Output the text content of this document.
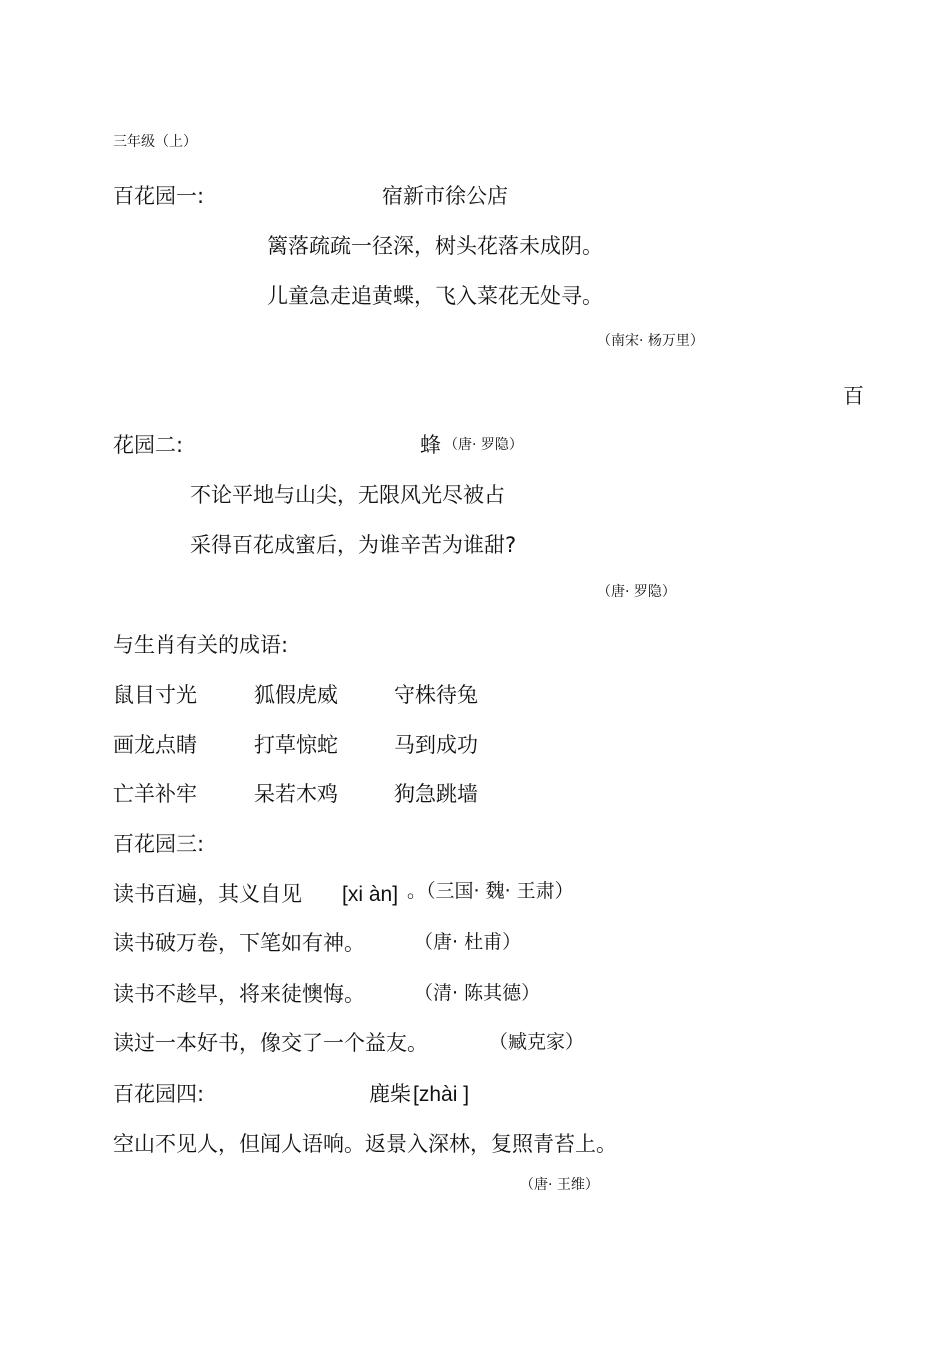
三年级（上）
百花园一:	宿新市徐公店
篱落疏疏一径深，树头花落未成阴。
儿童急走追黄蝶，飞入菜花无处寻。
（南宋· 杨万里）
百
花园二:	蜂 （唐· 罗隐）
不论平地与山尖，无限风光尽被占
采得百花成蜜后，为谁辛苦为谁甜?
（唐· 罗隐）
与生肖有关的成语:
鼠目寸光	狐假虎威	守株待兔
画龙点睛	打草惊蛇	马到成功
亡羊补牢	呆若木鸡	狗急跳墙
百花园三:
读书百遍，其义自见 [xi àn] 。（三国· 魏· 王肃）
读书破万卷，下笔如有神。	（唐· 杜甫）
读书不趁早，将来徒懊悔。	（清· 陈其德）
读过一本好书，像交了一个益友。	（臧克家）
百花园四:	鹿柴 [zhài ]
空山不见人，但闻人语响。返景入深林，复照青苔上。
（唐· 王维）
